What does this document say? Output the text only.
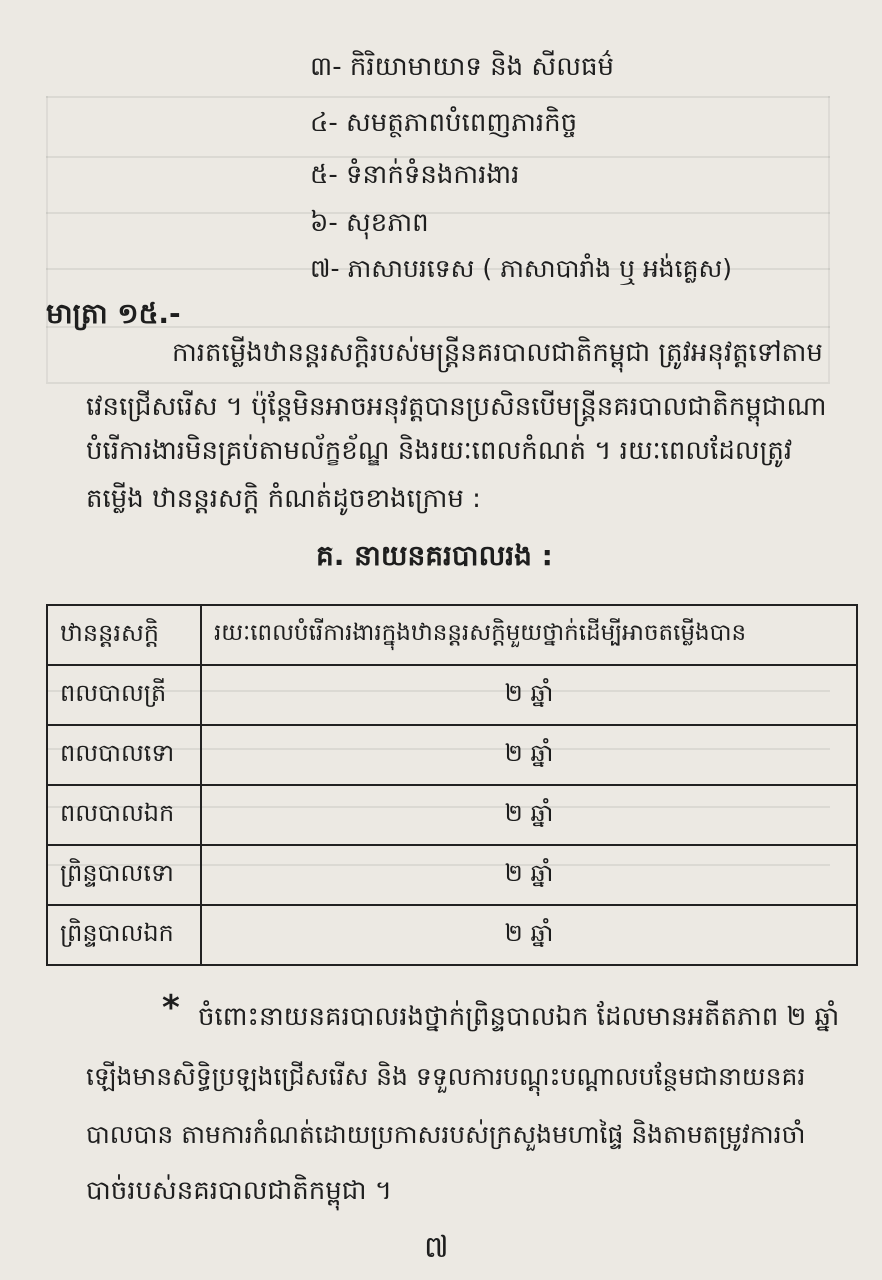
៣- កិរិយាមាយាទ និង សីលធម៌
៤- សមត្ថភាពបំពេញភារកិច្ច
៥- ទំនាក់ទំនងការងារ
៦- សុខភាព
៧- ភាសាបរទេស ( ភាសាបារាំង ឬ អង់គ្លេស)
មាត្រា ១៥.-
ការតម្លើងឋានន្តរសក្តិរបស់មន្ត្រីនគរបាលជាតិកម្ពុជា ត្រូវអនុវត្តទៅតាម
វេនជ្រើសរើស ។ ប៉ុន្តែមិនអាចអនុវត្តបានប្រសិនបើមន្ត្រីនគរបាលជាតិកម្ពុជាណា
បំរើការងារមិនគ្រប់តាមល័ក្ខខ័ណ្ឌ និងរយៈពេលកំណត់ ។ រយៈពេលដែលត្រូវ
តម្លើង ឋានន្តរសក្តិ កំណត់ដូចខាងក្រោម :
គ. នាយនគរបាលរង :
ឋានន្តរសក្តិ	រយៈពេលបំរើការងារក្នុងឋានន្តរសក្តិមួយថ្នាក់ដើម្បីអាចតម្លើងបាន
ពលបាលត្រី	២ ឆ្នាំ
ពលបាលទោ	២ ឆ្នាំ
ពលបាលឯក	២ ឆ្នាំ
ព្រិន្ទបាលទោ	២ ឆ្នាំ
ព្រិន្ទបាលឯក	២ ឆ្នាំ
* ចំពោះនាយនគរបាលរងថ្នាក់ព្រិន្ទបាលឯក ដែលមានអតីតភាព ២ ឆ្នាំ
ឡើងមានសិទ្ធិប្រឡងជ្រើសរើស និង ទទួលការបណ្តុះបណ្តាលបន្ថែមជានាយនគរ
បាលបាន តាមការកំណត់ដោយប្រកាសរបស់ក្រសួងមហាផ្ទៃ និងតាមតម្រូវការចាំ
បាច់របស់នគរបាលជាតិកម្ពុជា ។
៧
